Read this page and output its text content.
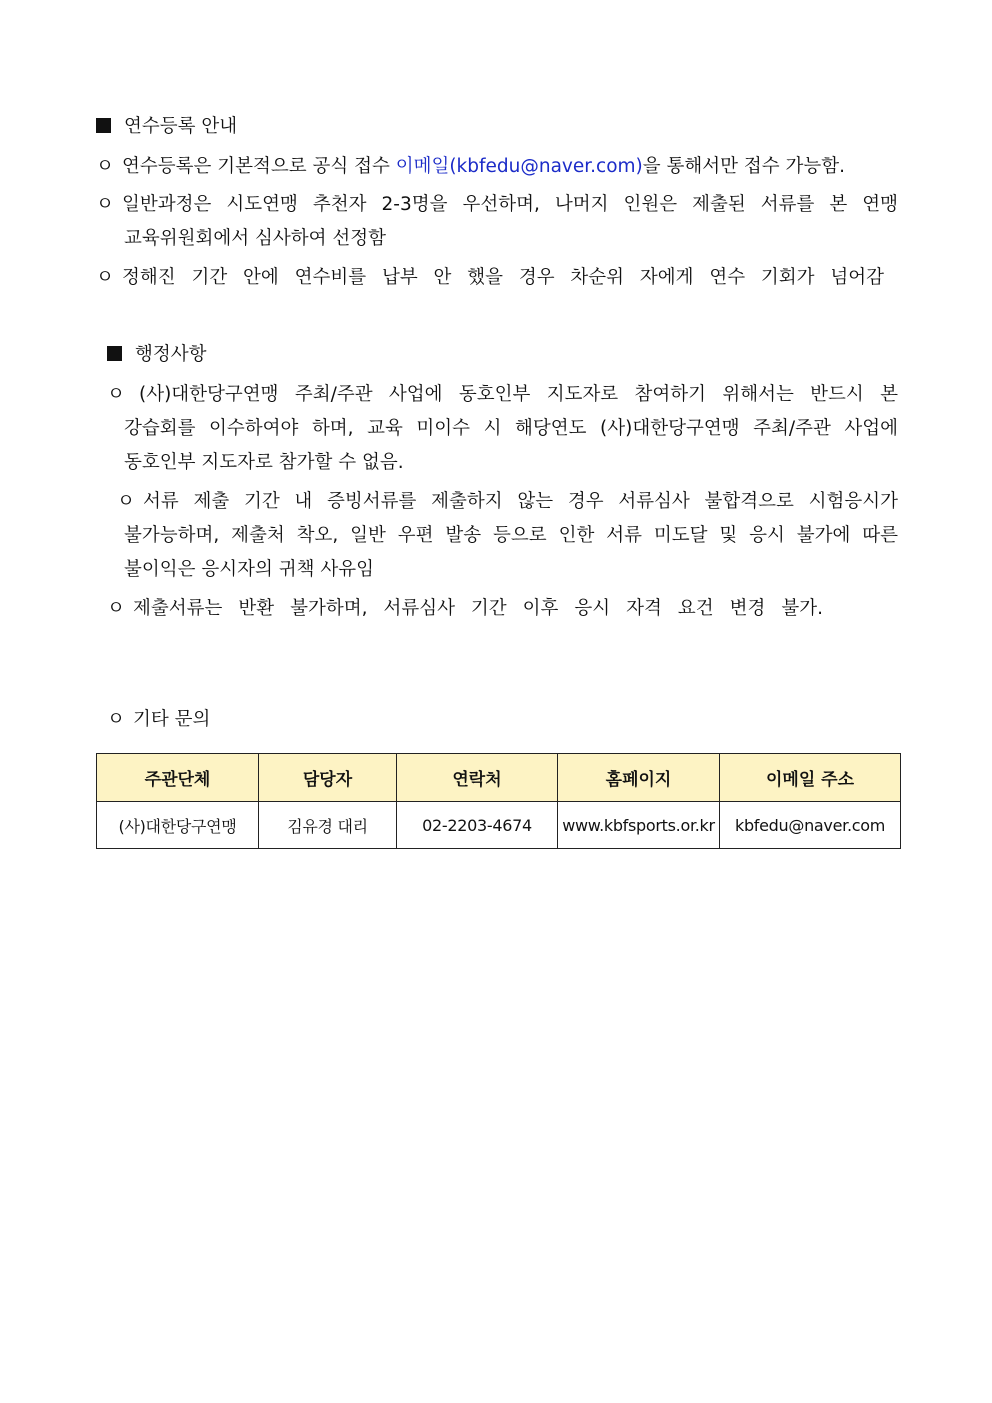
연수등록 안내
ㅇ 연수등록은 기본적으로 공식 접수 이메일(kbfedu@naver.com)을 통해서만 접수 가능함.
ㅇ 일반과정은 시도연맹 추천자 2-3명을 우선하며, 나머지 인원은 제출된 서류를 본 연맹
교육위원회에서 심사하여 선정함
ㅇ 정해진 기간 안에 연수비를 납부 안 했을 경우 차순위 자에게 연수 기회가 넘어감
행정사항
ㅇ (사)대한당구연맹 주최/주관 사업에 동호인부 지도자로 참여하기 위해서는 반드시 본
강습회를 이수하여야 하며, 교육 미이수 시 해당연도 (사)대한당구연맹 주최/주관 사업에
동호인부 지도자로 참가할 수 없음.
ㅇ 서류 제출 기간 내 증빙서류를 제출하지 않는 경우 서류심사 불합격으로 시험응시가
불가능하며, 제출처 착오, 일반 우편 발송 등으로 인한 서류 미도달 및 응시 불가에 따른
불이익은 응시자의 귀책 사유임
ㅇ 제출서류는 반환 불가하며, 서류심사 기간 이후 응시 자격 요건 변경 불가.
ㅇ 기타 문의
주관단체	담당자	연락처	홈페이지	이메일 주소
(사)대한당구연맹	김유경 대리	02-2203-4674	www.kbfsports.or.kr	kbfedu@naver.com
